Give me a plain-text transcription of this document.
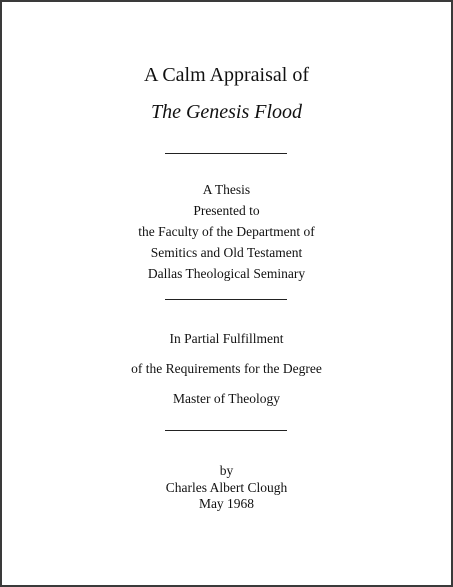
A Calm Appraisal of
The Genesis Flood
A Thesis
Presented to
the Faculty of the Department of
Semitics and Old Testament
Dallas Theological Seminary
In Partial Fulfillment
of the Requirements for the Degree
Master of Theology
by
Charles Albert Clough
May 1968
